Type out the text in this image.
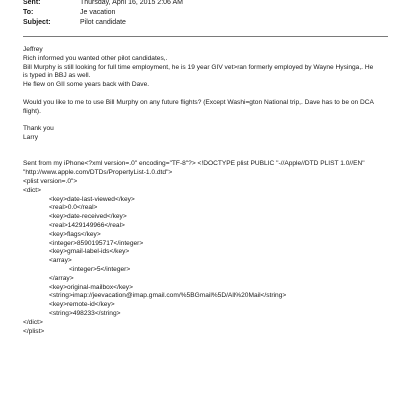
Sent:	Thursday, April 16, 2015 2:06 AM
To:	Je vacation
Subject:	Pilot candidate
Jeffrey
Rich informed you wanted other pilot candidates,.
Bill Murphy is still looking for full time employment, he is 19 year GIV vet>ran formerly employed by Wayne Hysinga,. He
is typed in BBJ as well.
He flew on GII some years back with Dave.
Would you like to me to use Bill Murphy on any future flights? (Except Washi=gton National trip,. Dave has to be on DCA
flight).
Thank you
Larry
Sent from my iPhone<?xml version=.0" encoding="TF-8"?> <!DOCTYPE plist PUBLIC "-//Apple//DTD PLIST 1.0//EN"
"http://www.apple.com/DTDs/PropertyList-1.0.dtd">
<plist version=.0">
<dict>
<key>date-last-viewed</key>
<real>0.0</real>
<key>date-received</key>
<real>1429149966</real>
<key>flags</key>
<integer>8590195717</integer>
<key>gmail-label-ids</key>
<array>
<integer>5</integer>
</array>
<key>original-mailbox</key>
<string>imap://jeevacation@imap.gmail.com/%5BGmail%5D/All%20Mail</string>
<key>remote-id</key>
<string>498233</string>
</dict>
</plist>
